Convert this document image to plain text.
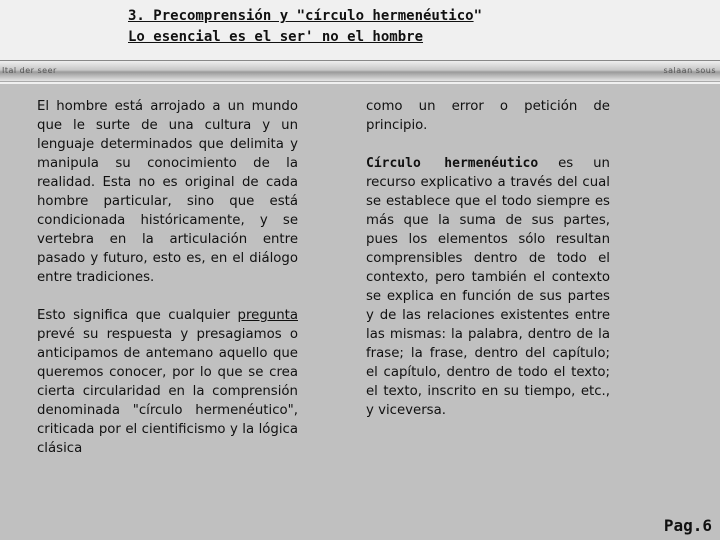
3. Precomprensión y "círculo hermenéutico"
Lo esencial es el ser' no el hombre
Ital der seer	salaan sous

El hombre está arrojado a un mundo que le surte de una cultura y un lenguaje determinados que delimita y manipula su conocimiento de la realidad. Esta no es original de cada hombre particular, sino que está condicionada históricamente, y se vertebra en la articulación entre pasado y futuro, esto es, en el diálogo entre tradiciones.

Esto significa que cualquier pregunta prevé su respuesta y presagiamos o anticipamos de antemano aquello que queremos conocer, por lo que se crea cierta circularidad en la comprensión denominada "círculo hermenéutico", criticada por el cientificismo y la lógica clásica

como un error o petición de principio.

Círculo hermenéutico es un recurso explicativo a través del cual se establece que el todo siempre es más que la suma de sus partes, pues los elementos sólo resultan comprensibles dentro de todo el contexto, pero también el contexto se explica en función de sus partes y de las relaciones existentes entre las mismas: la palabra, dentro de la frase; la frase, dentro del capítulo; el capítulo, dentro de todo el texto; el texto, inscrito en su tiempo, etc., y viceversa.

Pag.6
